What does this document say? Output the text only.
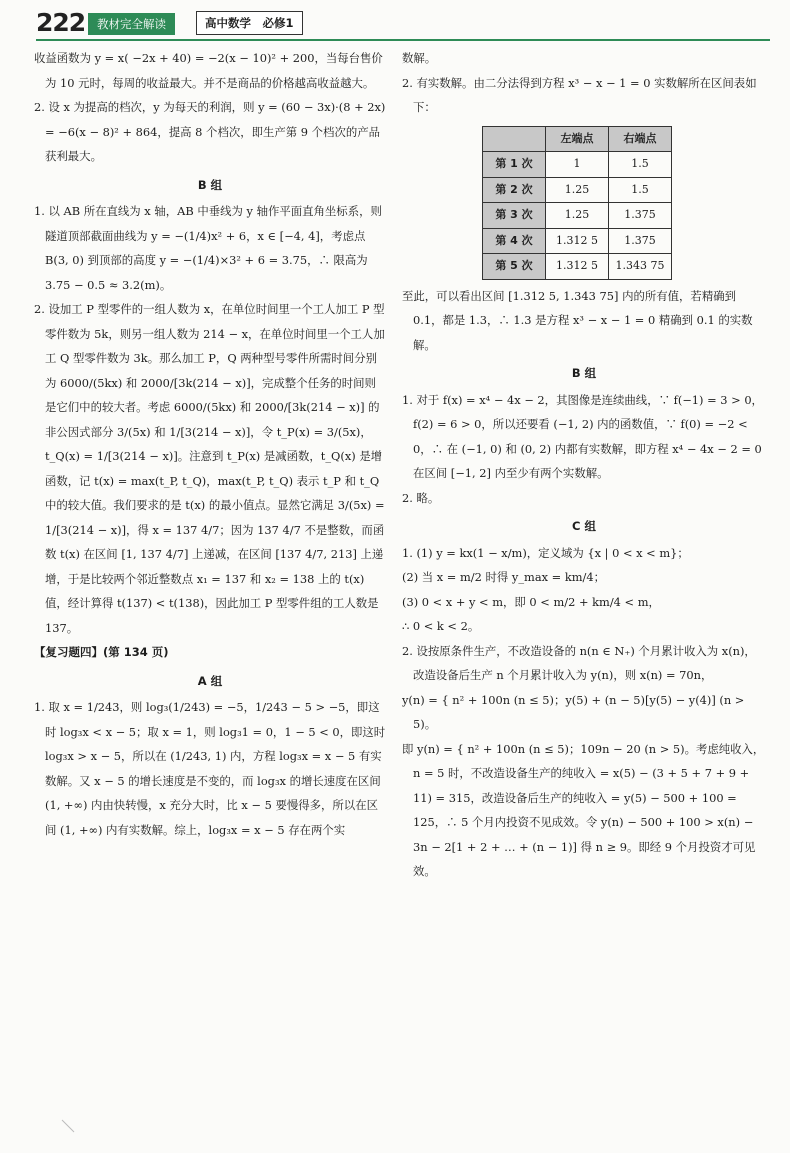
222	教材完全解读	高中数学　必修1

收益函数为 y = x( −2x + 40) = −2(x − 10)² + 200，当每台售价为 10 元时，每周的收益最大。并不是商品的价格越高收益越大。

2. 设 x 为提高的档次，y 为每天的利润，则 y = (60 − 3x)·(8 + 2x) = −6(x − 8)² + 864，提高 8 个档次，即生产第 9 个档次的产品获利最大。

B 组

1. 以 AB 所在直线为 x 轴，AB 中垂线为 y 轴作平面直角坐标系，则隧道顶部截面曲线为 y = −(1/4)x² + 6，x ∈ [−4, 4]，考虑点 B(3, 0) 到顶部的高度 y = −(1/4)×3² + 6 = 3.75，∴ 限高为 3.75 − 0.5 ≈ 3.2(m)。

2. 设加工 P 型零件的一组人数为 x，在单位时间里一个工人加工 P 型零件数为 5k，则另一组人数为 214 − x，在单位时间里一个工人加工 Q 型零件数为 3k。那么加工 P，Q 两种型号零件所需时间分别为 6000/(5kx) 和 2000/[3k(214 − x)]，完成整个任务的时间则是它们中的较大者。考虑 6000/(5kx) 和 2000/[3k(214 − x)] 的非公因式部分 3/(5x) 和 1/[3(214 − x)]，令 t_P(x) = 3/(5x)，t_Q(x) = 1/[3(214 − x)]。注意到 t_P(x) 是减函数，t_Q(x) 是增函数，记 t(x) = max(t_P, t_Q)，max(t_P, t_Q) 表示 t_P 和 t_Q 中的较大值。我们要求的是 t(x) 的最小值点。显然它满足 3/(5x) = 1/[3(214 − x)]，得 x = 137 4/7；因为 137 4/7 不是整数，而函数 t(x) 在区间 [1, 137 4/7] 上递减，在区间 [137 4/7, 213] 上递增，于是比较两个邻近整数点 x₁ = 137 和 x₂ = 138 上的 t(x) 值，经计算得 t(137) < t(138)，因此加工 P 型零件组的工人数是 137。

【复习题四】(第 134 页)
A 组

1. 取 x = 1/243，则 log₃(1/243) = −5，1/243 − 5 > −5，即这时 log₃x < x − 5；取 x = 1，则 log₃1 = 0，1 − 5 < 0，即这时 log₃x > x − 5，所以在 (1/243, 1) 内，方程 log₃x = x − 5 有实数解。又 x − 5 的增长速度是不变的，而 log₃x 的增长速度在区间 (1, +∞) 内由快转慢，x 充分大时，比 x − 5 要慢得多，所以在区间 (1, +∞) 内有实数解。综上，log₃x = x − 5 存在两个实

数解。

2. 有实数解。由二分法得到方程 x³ − x − 1 = 0 实数解所在区间表如下：

	左端点	右端点
第 1 次	1	1.5
第 2 次	1.25	1.5
第 3 次	1.25	1.375
第 4 次	1.312 5	1.375
第 5 次	1.312 5	1.343 75

至此，可以看出区间 [1.312 5, 1.343 75] 内的所有值，若精确到 0.1，都是 1.3，∴ 1.3 是方程 x³ − x − 1 = 0 精确到 0.1 的实数解。

B 组

1. 对于 f(x) = x⁴ − 4x − 2，其图像是连续曲线，∵ f(−1) = 3 > 0，f(2) = 6 > 0，所以还要看 (−1, 2) 内的函数值，∵ f(0) = −2 < 0，∴ 在 (−1, 0) 和 (0, 2) 内都有实数解，即方程 x⁴ − 4x − 2 = 0 在区间 [−1, 2] 内至少有两个实数解。

2. 略。

C 组

1. (1) y = kx(1 − x/m)，定义域为 {x | 0 < x < m}；

(2) 当 x = m/2 时得 y_max = km/4；

(3) 0 < x + y < m，即 0 < m/2 + km/4 < m，

∴ 0 < k < 2。

2. 设按原条件生产，不改造设备的 n(n ∈ N₊) 个月累计收入为 x(n)，改造设备后生产 n 个月累计收入为 y(n)，则 x(n) = 70n，

y(n) = { n² + 100n (n ≤ 5)；y(5) + (n − 5)[y(5) − y(4)] (n > 5)。

即 y(n) = { n² + 100n (n ≤ 5)；109n − 20 (n > 5)。考虑纯收入，n = 5 时，不改造设备生产的纯收入 = x(5) − (3 + 5 + 7 + 9 + 11) = 315，改造设备后生产的纯收入 = y(5) − 500 + 100 = 125，∴ 5 个月内投资不见成效。令 y(n) − 500 + 100 > x(n) − 3n − 2[1 + 2 + … + (n − 1)] 得 n ≥ 9。即经 9 个月投资才可见效。
